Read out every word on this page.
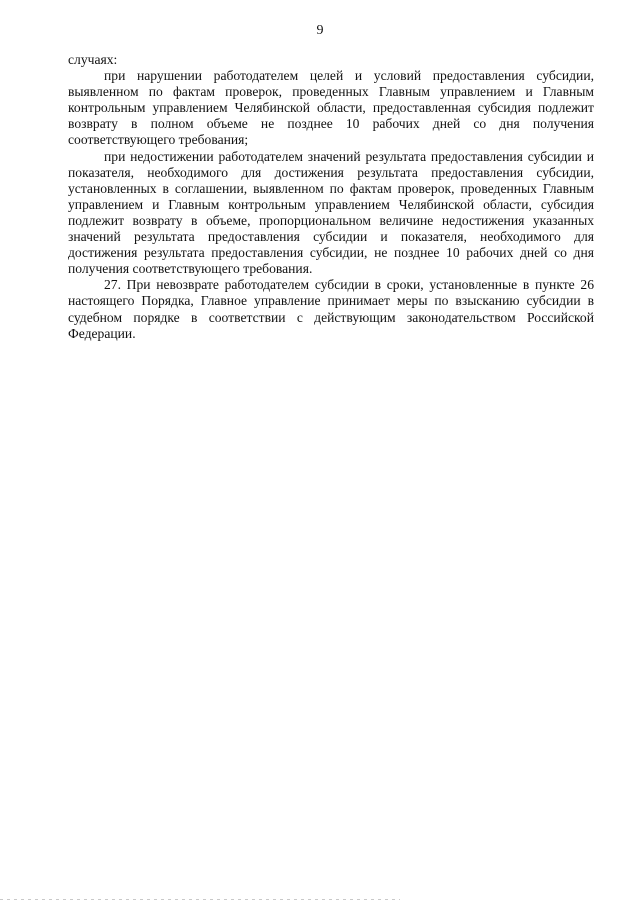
9

случаях:

при нарушении работодателем целей и условий предоставления субсидии, выявленном по фактам проверок, проведенных Главным управлением и Главным контрольным управлением Челябинской области, предоставленная субсидия подлежит возврату в полном объеме не позднее 10 рабочих дней со дня получения соответствующего требования;

при недостижении работодателем значений результата предоставления субсидии и показателя, необходимого для достижения результата предоставления субсидии, установленных в соглашении, выявленном по фактам проверок, проведенных Главным управлением и Главным контрольным управлением Челябинской области, субсидия подлежит возврату в объеме, пропорциональном величине недостижения указанных значений результата предоставления субсидии и показателя, необходимого для достижения результата предоставления субсидии, не позднее 10 рабочих дней со дня получения соответствующего требования.

27. При невозврате работодателем субсидии в сроки, установленные в пункте 26 настоящего Порядка, Главное управление принимает меры по взысканию субсидии в судебном порядке в соответствии с действующим законодательством Российской Федерации.
